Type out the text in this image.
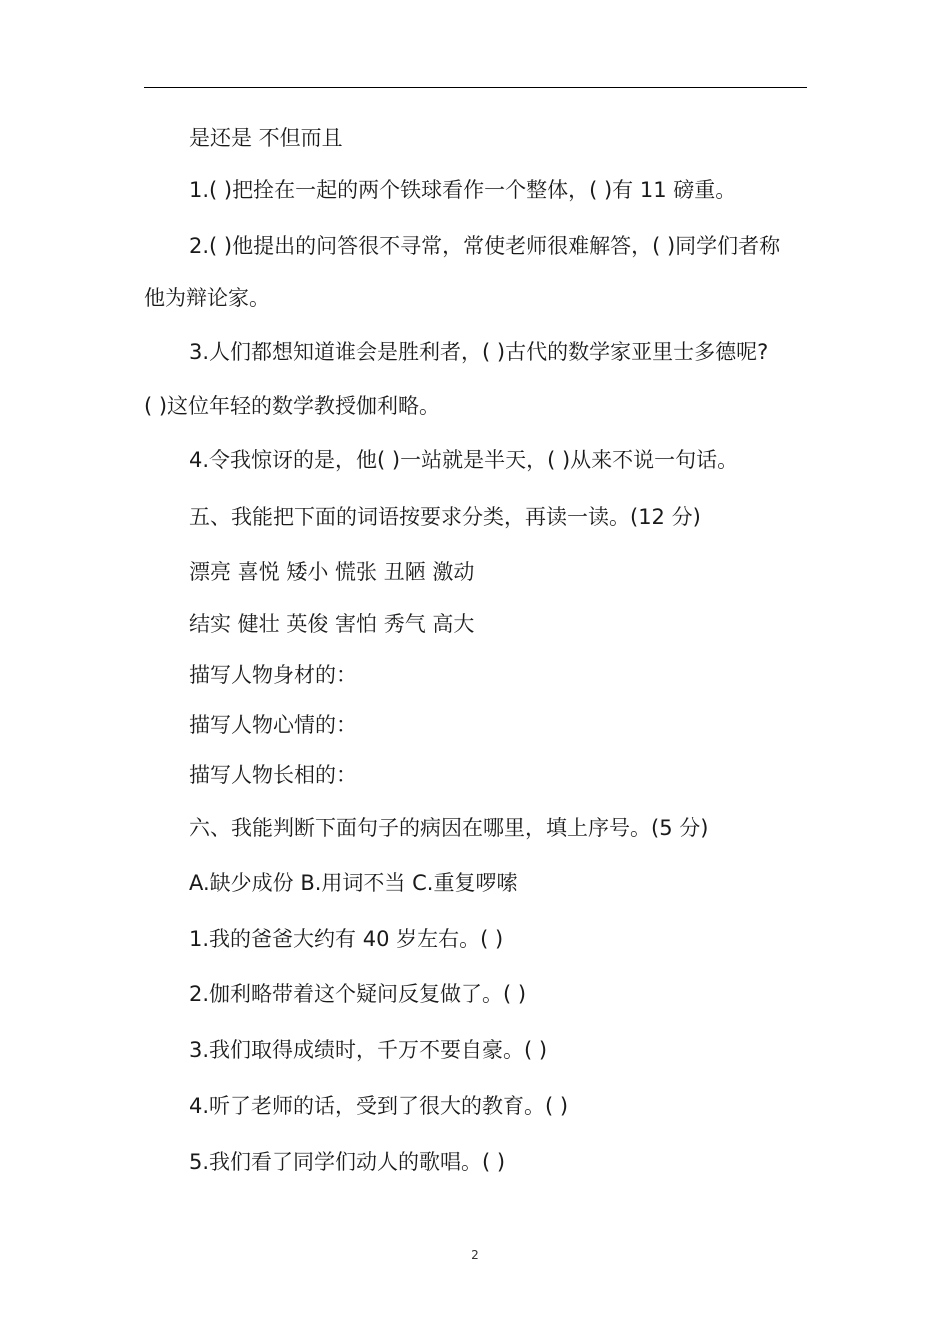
是还是 不但而且
1.( )把拴在一起的两个铁球看作一个整体，( )有 11 磅重。
2.( )他提出的问答很不寻常，常使老师很难解答，( )同学们者称
他为辩论家。
3.人们都想知道谁会是胜利者，( )古代的数学家亚里士多德呢?
( )这位年轻的数学教授伽利略。
4.令我惊讶的是，他( )一站就是半天，( )从来不说一句话。
五、我能把下面的词语按要求分类，再读一读。(12 分)
漂亮 喜悦 矮小 慌张 丑陋 激动
结实 健壮 英俊 害怕 秀气 高大
描写人物身材的：
描写人物心情的：
描写人物长相的：
六、我能判断下面句子的病因在哪里，填上序号。(5 分)
A.缺少成份 B.用词不当 C.重复啰嗦
1.我的爸爸大约有 40 岁左右。( )
2.伽利略带着这个疑问反复做了。( )
3.我们取得成绩时，千万不要自豪。( )
4.听了老师的话，受到了很大的教育。( )
5.我们看了同学们动人的歌唱。( )
2
